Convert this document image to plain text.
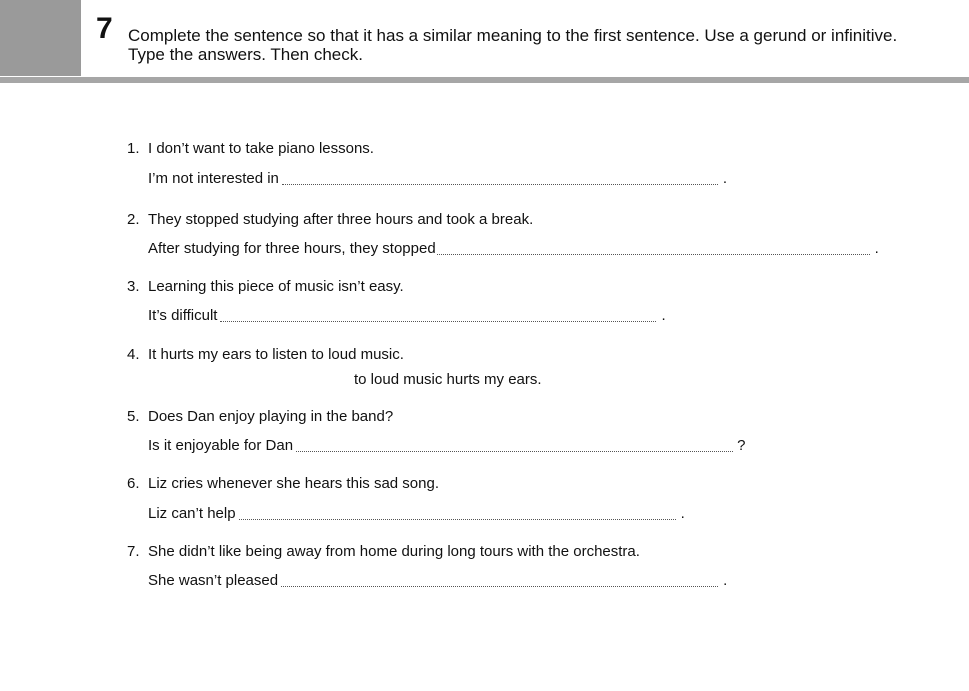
7 Complete the sentence so that it has a similar meaning to the first sentence. Use a gerund or infinitive. Type the answers. Then check.
1. I don’t want to take piano lessons.
I’m not interested in	.
2. They stopped studying after three hours and took a break.
After studying for three hours, they stopped	.
3. Learning this piece of music isn’t easy.
It’s difficult	.
4. It hurts my ears to listen to loud music.
to loud music hurts my ears.
5. Does Dan enjoy playing in the band?
Is it enjoyable for Dan	?
6. Liz cries whenever she hears this sad song.
Liz can’t help	.
7. She didn’t like being away from home during long tours with the orchestra.
She wasn’t pleased	.
